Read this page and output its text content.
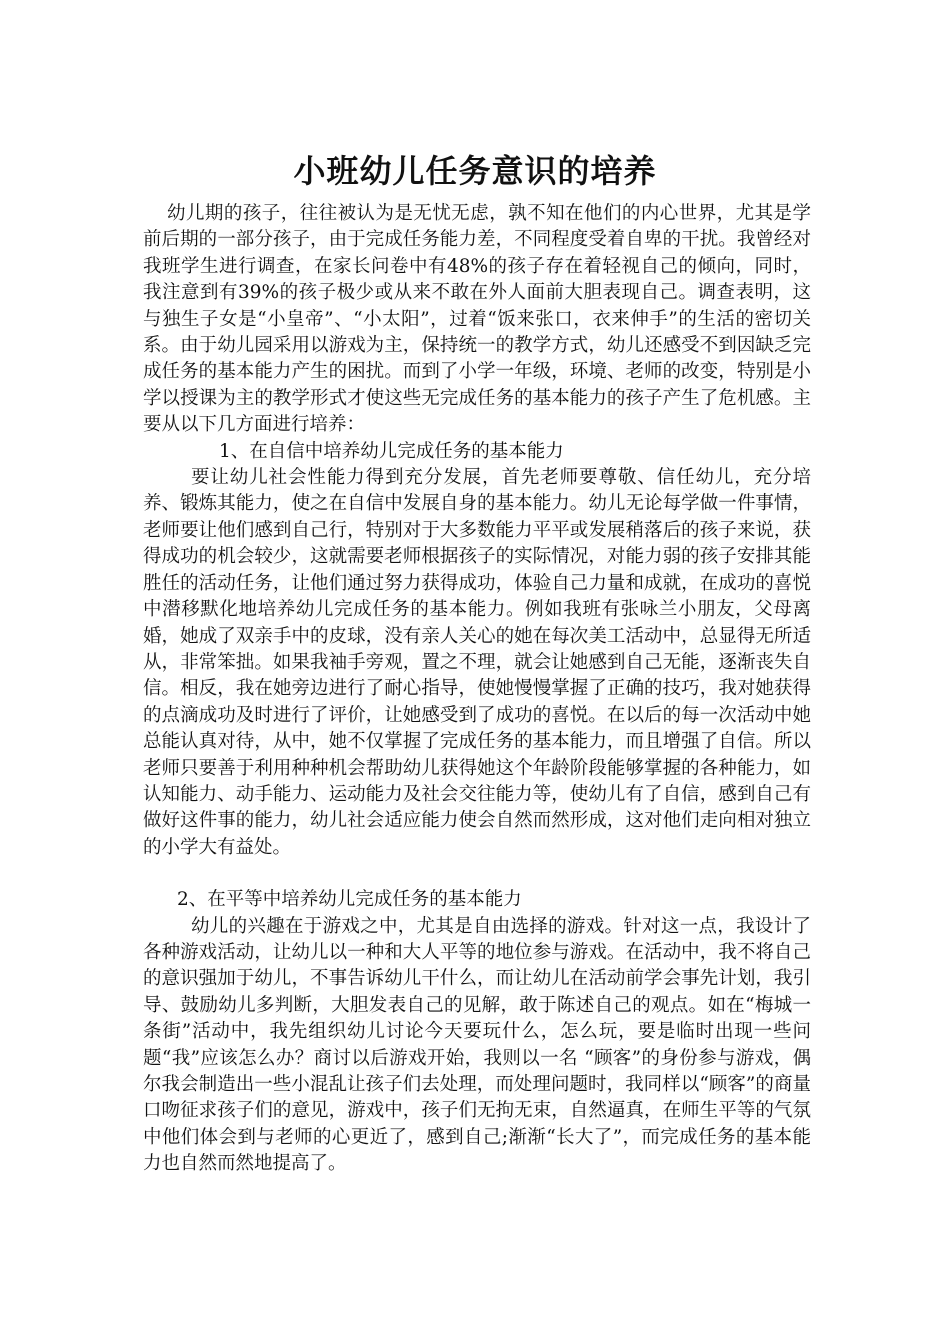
小班幼儿任务意识的培养

幼儿期的孩子，往往被认为是无忧无虑，孰不知在他们的内心世界，尤其是学前后期的一部分孩子，由于完成任务能力差，不同程度受着自卑的干扰。我曾经对我班学生进行调查，在家长问卷中有48%的孩子存在着轻视自己的倾向，同时，我注意到有39%的孩子极少或从来不敢在外人面前大胆表现自己。调查表明，这与独生子女是“小皇帝”、“小太阳”，过着“饭来张口，衣来伸手”的生活的密切关系。由于幼儿园采用以游戏为主，保持统一的教学方式，幼儿还感受不到因缺乏完成任务的基本能力产生的困扰。而到了小学一年级，环境、老师的改变，特别是小学以授课为主的教学形式才使这些无完成任务的基本能力的孩子产生了危机感。主要从以下几方面进行培养：

1、在自信中培养幼儿完成任务的基本能力

要让幼儿社会性能力得到充分发展，首先老师要尊敬、信任幼儿，充分培养、锻炼其能力，使之在自信中发展自身的基本能力。幼儿无论每学做一件事情，老师要让他们感到自己行，特别对于大多数能力平平或发展稍落后的孩子来说，获得成功的机会较少，这就需要老师根据孩子的实际情况，对能力弱的孩子安排其能胜任的活动任务，让他们通过努力获得成功，体验自己力量和成就，在成功的喜悦中潜移默化地培养幼儿完成任务的基本能力。例如我班有张咏兰小朋友，父母离婚，她成了双亲手中的皮球，没有亲人关心的她在每次美工活动中，总显得无所适从，非常笨拙。如果我袖手旁观，置之不理，就会让她感到自己无能，逐渐丧失自信。相反，我在她旁边进行了耐心指导，使她慢慢掌握了正确的技巧，我对她获得的点滴成功及时进行了评价，让她感受到了成功的喜悦。在以后的每一次活动中她总能认真对待，从中，她不仅掌握了完成任务的基本能力，而且增强了自信。所以老师只要善于利用种种机会帮助幼儿获得她这个年龄阶段能够掌握的各种能力，如认知能力、动手能力、运动能力及社会交往能力等，使幼儿有了自信，感到自己有做好这件事的能力，幼儿社会适应能力使会自然而然形成，这对他们走向相对独立的小学大有益处。

2、在平等中培养幼儿完成任务的基本能力

幼儿的兴趣在于游戏之中，尤其是自由选择的游戏。针对这一点，我设计了各种游戏活动，让幼儿以一种和大人平等的地位参与游戏。在活动中，我不将自己的意识强加于幼儿，不事告诉幼儿干什么，而让幼儿在活动前学会事先计划，我引导、鼓励幼儿多判断，大胆发表自己的见解，敢于陈述自己的观点。如在“梅城一条街”活动中，我先组织幼儿讨论今天要玩什么，怎么玩，要是临时出现一些问题“我”应该怎么办？商讨以后游戏开始，我则以一名 “顾客”的身份参与游戏，偶尔我会制造出一些小混乱让孩子们去处理，而处理问题时，我同样以“顾客”的商量口吻征求孩子们的意见，游戏中，孩子们无拘无束，自然逼真，在师生平等的气氛中他们体会到与老师的心更近了，感到自己;渐渐“长大了”，而完成任务的基本能力也自然而然地提高了。
